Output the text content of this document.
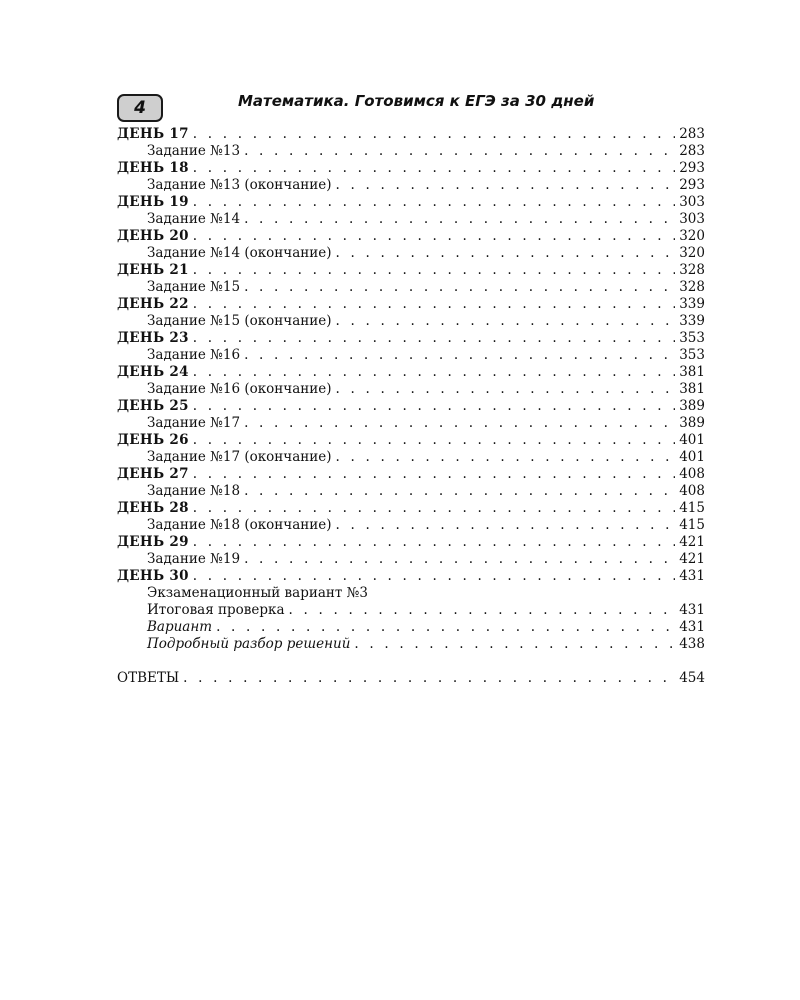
4	Математика. Готовимся к ЕГЭ за 30 дней
ДЕНЬ 17 . . .	283
Задание №13 . . .	283
ДЕНЬ 18 . . .	293
Задание №13 (окончание) . . .	293
ДЕНЬ 19 . . .	303
Задание №14 . . .	303
ДЕНЬ 20 . . .	320
Задание №14 (окончание) . . .	320
ДЕНЬ 21 . . .	328
Задание №15 . . .	328
ДЕНЬ 22 . . .	339
Задание №15 (окончание) . . .	339
ДЕНЬ 23 . . .	353
Задание №16 . . .	353
ДЕНЬ 24 . . .	381
Задание №16 (окончание) . . .	381
ДЕНЬ 25 . . .	389
Задание №17 . . .	389
ДЕНЬ 26 . . .	401
Задание №17 (окончание) . . .	401
ДЕНЬ 27 . . .	408
Задание №18 . . .	408
ДЕНЬ 28 . . .	415
Задание №18 (окончание) . . .	415
ДЕНЬ 29 . . .	421
Задание №19 . . .	421
ДЕНЬ 30 . . .	431
Экзаменационный вариант №3
Итоговая проверка . . .	431
Вариант . . .	431
Подробный разбор решений . . .	438
ОТВЕТЫ . . .	454
